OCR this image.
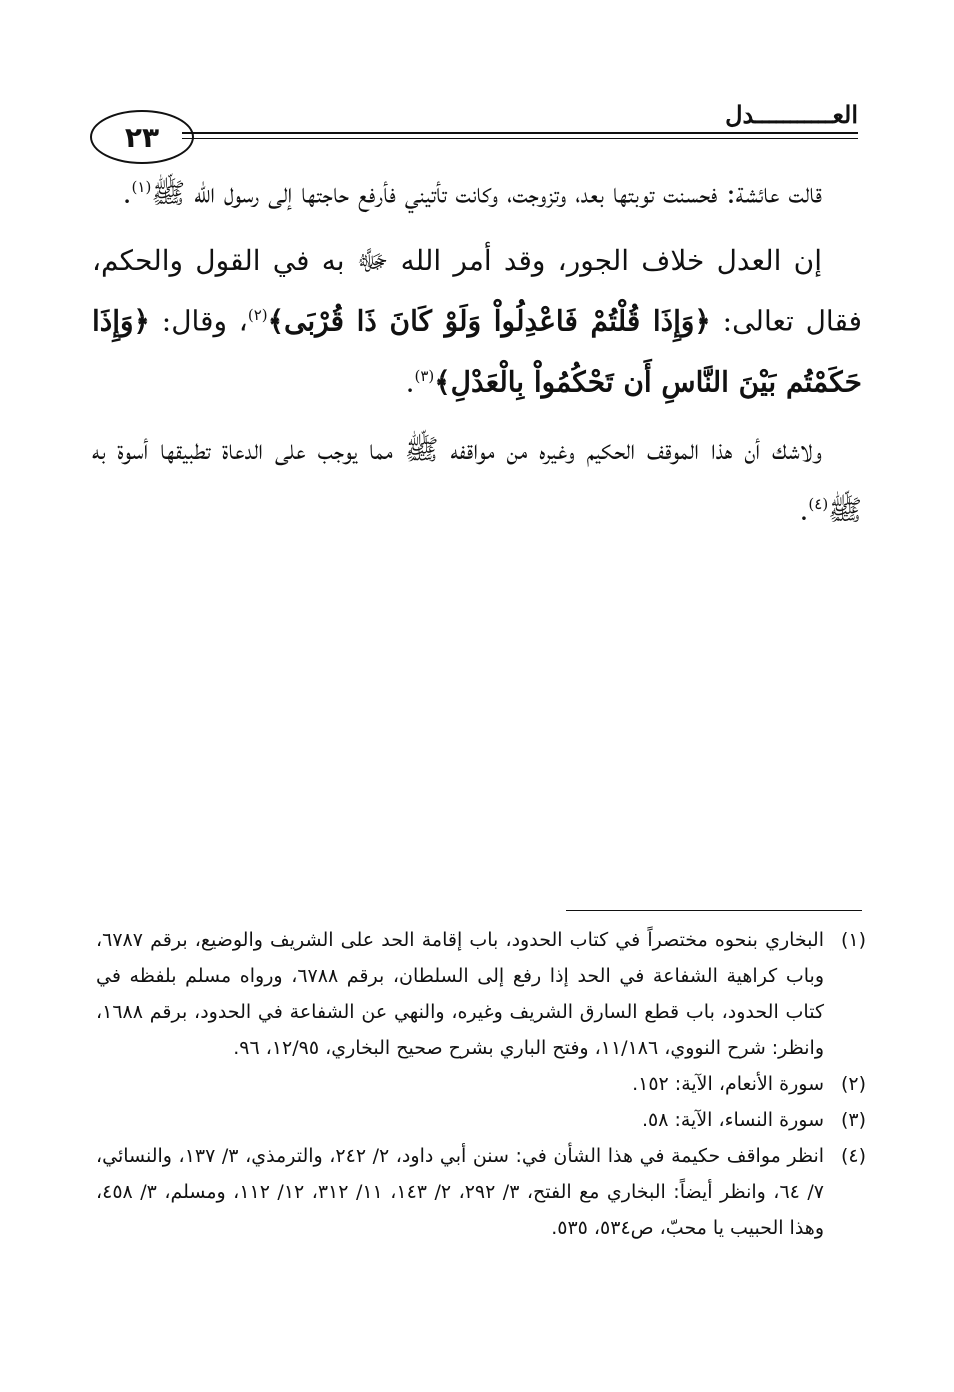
العـــــــــــدل
٢٣

قالت عائشة: فحسنت توبتها بعد، وتزوجت، وكانت تأتيني فأرفع حاجتها إلى رسول الله ﷺ$^{(١)}$.

إن العدل خلاف الجور، وقد أمر الله ﷻ به في القول والحكم، فقال تعالى: ﴿وَإِذَا قُلْتُمْ فَاعْدِلُواْ وَلَوْ كَانَ ذَا قُرْبَى﴾$^{(٢)}$، وقال: ﴿وَإِذَا حَكَمْتُم بَيْنَ النَّاسِ أَن تَحْكُمُواْ بِالْعَدْلِ﴾$^{(٣)}$.

ولاشك أن هذا الموقف الحكيم وغيره من مواقفه ﷺ مما يوجب على الدعاة تطبيقها أسوة به ﷺ$^{(٤)}$.

(١)
البخاري بنحوه مختصراً في كتاب الحدود، باب إقامة الحد على الشريف والوضيع، برقم ٦٧٨٧، وباب كراهية الشفاعة في الحد إذا رفع إلى السلطان، برقم ٦٧٨٨، ورواه مسلم بلفظه في كتاب الحدود، باب قطع السارق الشريف وغيره، والنهي عن الشفاعة في الحدود، برقم ١٦٨٨، وانظر: شرح النووي، ١١/١٨٦، وفتح الباري بشرح صحيح البخاري، ١٢/٩٥، ٩٦.
(٢)
سورة الأنعام، الآية: ١٥٢.
(٣)
سورة النساء، الآية: ٥٨.
(٤)
انظر مواقف حكيمة في هذا الشأن في: سنن أبي داود، ٢/ ٢٤٢، والترمذي، ٣/ ١٣٧، والنسائي، ٧/ ٦٤، وانظر أيضاً: البخاري مع الفتح، ٣/ ٢٩٢، ٢/ ١٤٣، ١١/ ٣١٢، ١٢/ ١١٢، ومسلم، ٣/ ٤٥٨، وهذا الحبيب يا محبّ، ص٥٣٤، ٥٣٥.
